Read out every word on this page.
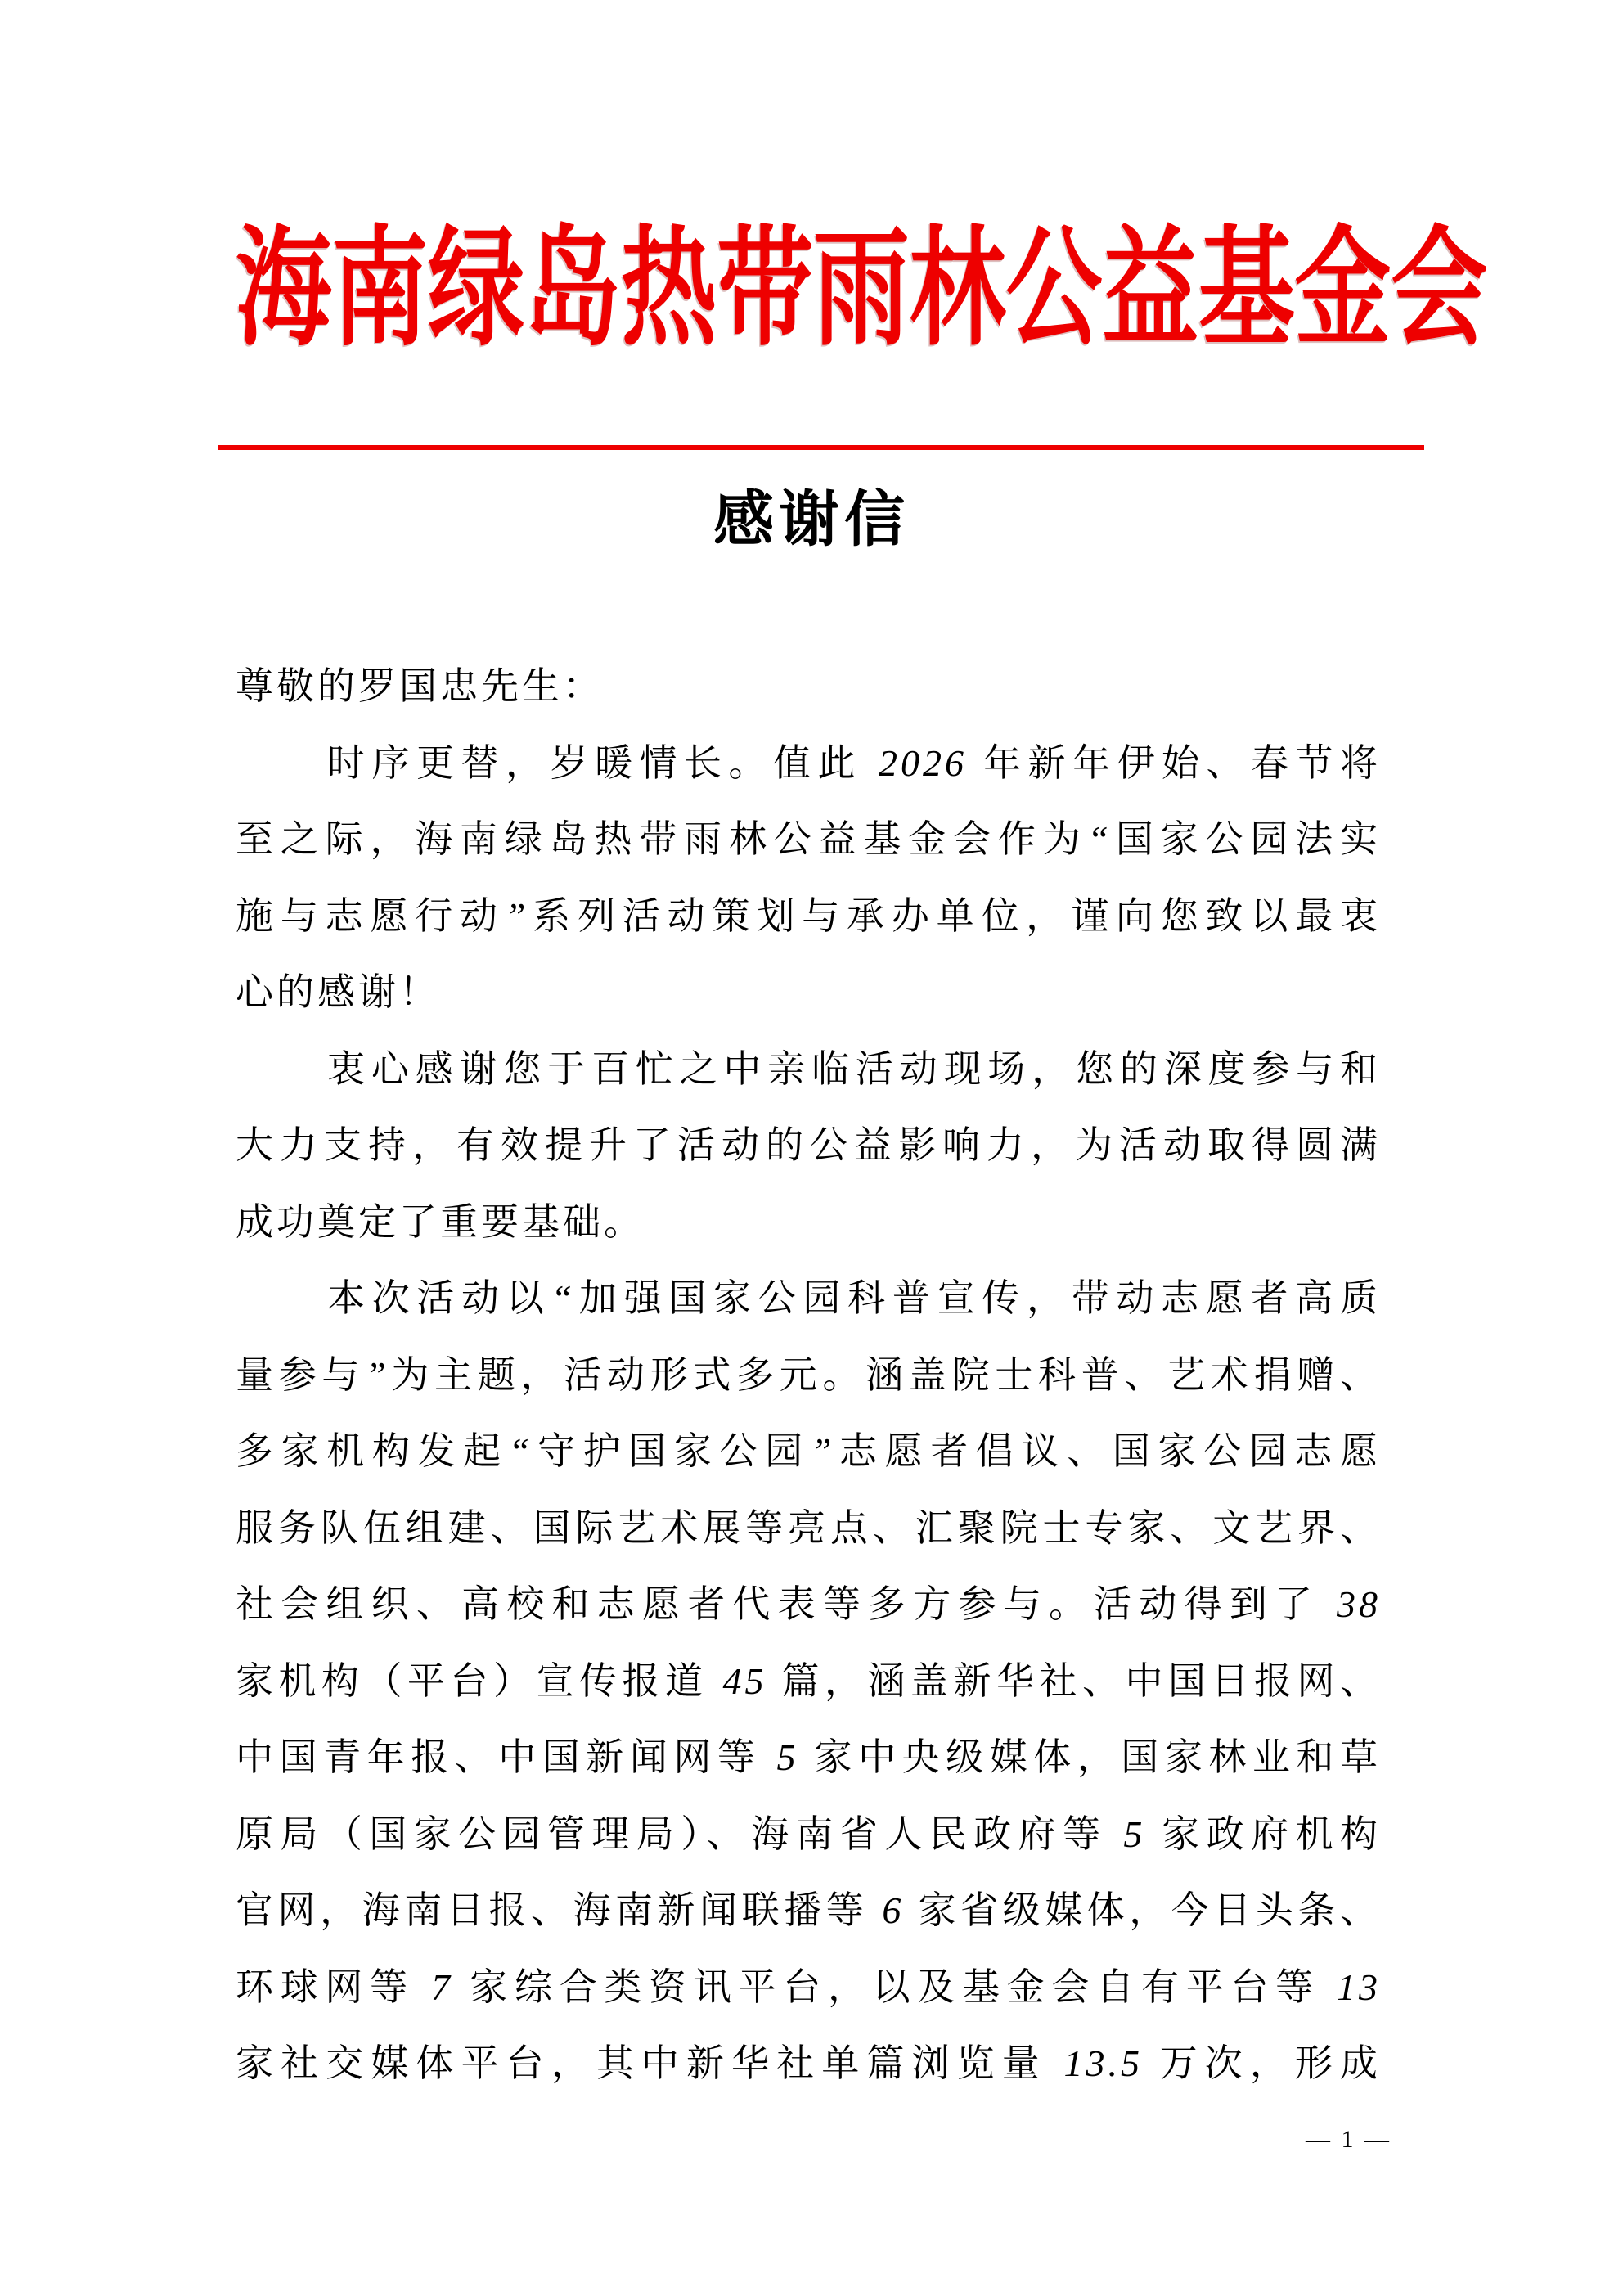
海南绿岛热带雨林公益基金会
感谢信
尊敬的罗国忠先生：
时序更替，岁暖情长。值此 2026 年新年伊始、春节将
至之际，海南绿岛热带雨林公益基金会作为“国家公园法实
施与志愿行动”系列活动策划与承办单位，谨向您致以最衷
心的感谢！
衷心感谢您于百忙之中亲临活动现场，您的深度参与和
大力支持，有效提升了活动的公益影响力，为活动取得圆满
成功奠定了重要基础。
本次活动以“加强国家公园科普宣传，带动志愿者高质
量参与”为主题，活动形式多元。涵盖院士科普、艺术捐赠、
多家机构发起“守护国家公园”志愿者倡议、国家公园志愿
服务队伍组建、国际艺术展等亮点、汇聚院士专家、文艺界、
社会组织、高校和志愿者代表等多方参与。活动得到了 38
家机构（平台）宣传报道 45 篇，涵盖新华社、中国日报网、
中国青年报、中国新闻网等 5 家中央级媒体，国家林业和草
原局（国家公园管理局）、海南省人民政府等 5 家政府机构
官网，海南日报、海南新闻联播等 6 家省级媒体，今日头条、
环球网等 7 家综合类资讯平台，以及基金会自有平台等 13
家社交媒体平台，其中新华社单篇浏览量 13.5 万次，形成
— 1 —
